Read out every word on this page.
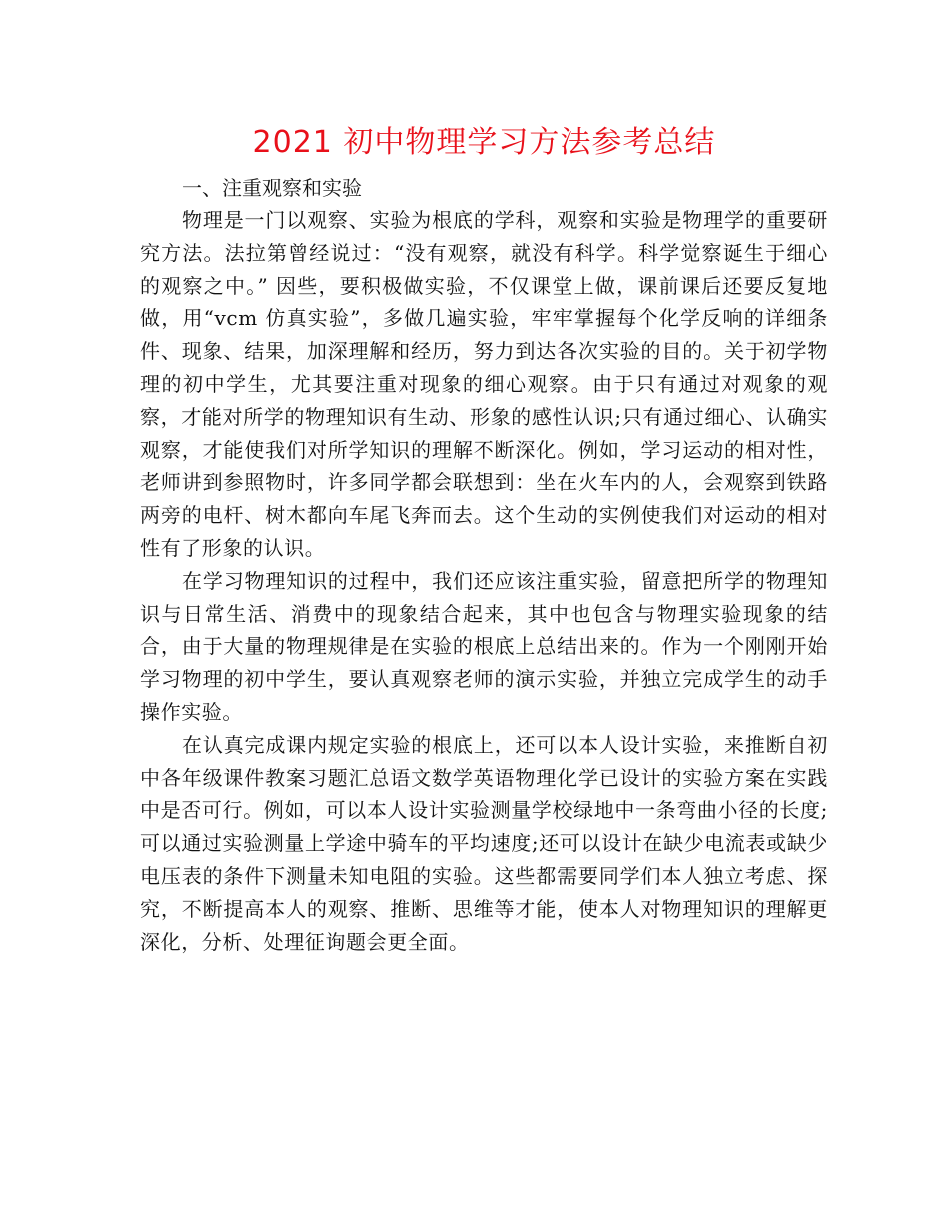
2021 初中物理学习方法参考总结

一、注重观察和实验

物理是一门以观察、实验为根底的学科，观察和实验是物理学的重要研究方法。法拉第曾经说过：“没有观察，就没有科学。科学觉察诞生于细心的观察之中。” 因些，要积极做实验，不仅课堂上做，课前课后还要反复地做，用“vcm 仿真实验”，多做几遍实验，牢牢掌握每个化学反响的详细条件、现象、结果，加深理解和经历，努力到达各次实验的目的。关于初学物理的初中学生，尤其要注重对现象的细心观察。由于只有通过对观象的观察，才能对所学的物理知识有生动、形象的感性认识;只有通过细心、认确实观察，才能使我们对所学知识的理解不断深化。例如，学习运动的相对性，老师讲到参照物时，许多同学都会联想到：坐在火车内的人，会观察到铁路两旁的电杆、树木都向车尾飞奔而去。这个生动的实例使我们对运动的相对性有了形象的认识。

在学习物理知识的过程中，我们还应该注重实验，留意把所学的物理知识与日常生活、消费中的现象结合起来，其中也包含与物理实验现象的结合，由于大量的物理规律是在实验的根底上总结出来的。作为一个刚刚开始学习物理的初中学生，要认真观察老师的演示实验，并独立完成学生的动手操作实验。

在认真完成课内规定实验的根底上，还可以本人设计实验，来推断自初中各年级课件教案习题汇总语文数学英语物理化学已设计的实验方案在实践中是否可行。例如，可以本人设计实验测量学校绿地中一条弯曲小径的长度;可以通过实验测量上学途中骑车的平均速度;还可以设计在缺少电流表或缺少电压表的条件下测量未知电阻的实验。这些都需要同学们本人独立考虑、探究，不断提高本人的观察、推断、思维等才能，使本人对物理知识的理解更深化，分析、处理征询题会更全面。
